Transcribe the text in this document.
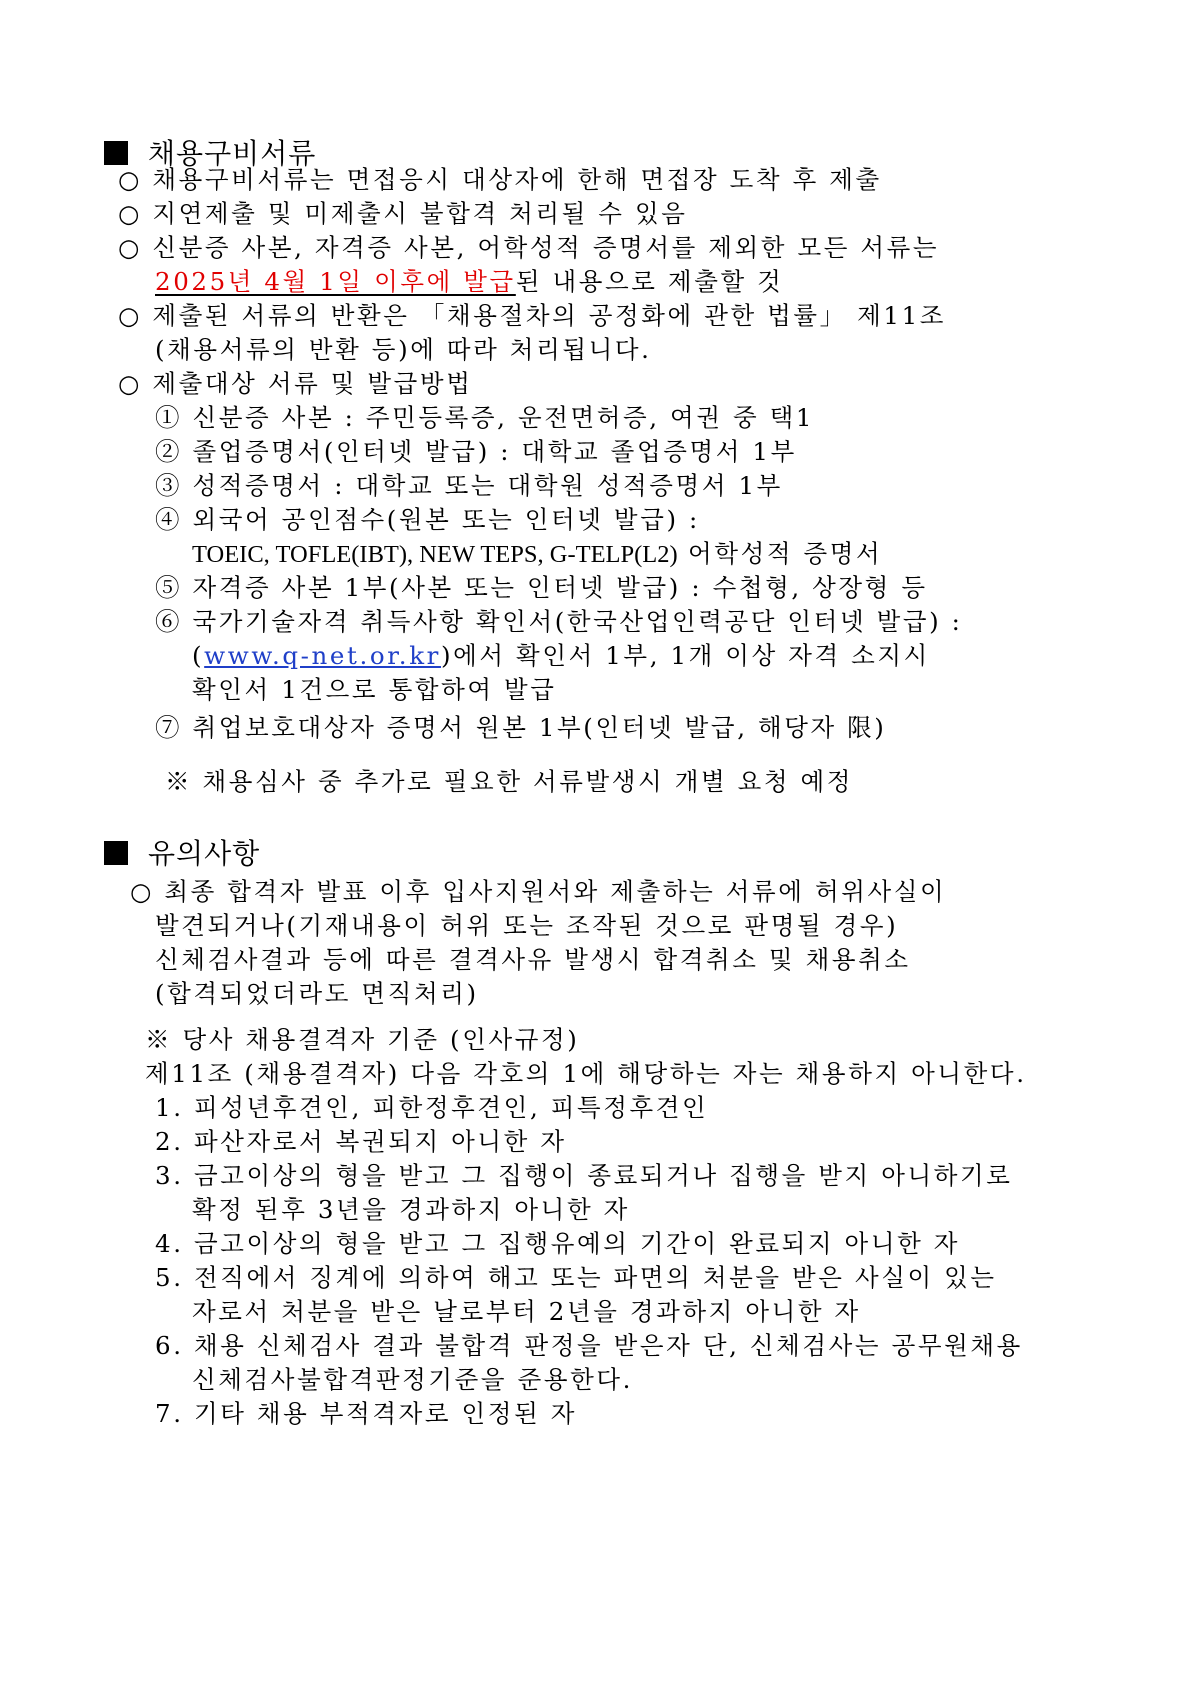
채용구비서류
○ 채용구비서류는 면접응시 대상자에 한해 면접장 도착 후 제출
○ 지연제출 및 미제출시 불합격 처리될 수 있음
○ 신분증 사본, 자격증 사본, 어학성적 증명서를 제외한 모든 서류는
2025년 4월 1일 이후에 발급된 내용으로 제출할 것
○ 제출된 서류의 반환은 「채용절차의 공정화에 관한 법률」 제11조
(채용서류의 반환 등)에 따라 처리됩니다.
○ 제출대상 서류 및 발급방법
① 신분증 사본 : 주민등록증, 운전면허증, 여권 중 택1
② 졸업증명서(인터넷 발급) : 대학교 졸업증명서 1부
③ 성적증명서 : 대학교 또는 대학원 성적증명서 1부
④ 외국어 공인점수(원본 또는 인터넷 발급) :
TOEIC, TOFLE(IBT), NEW TEPS, G-TELP(L2) 어학성적 증명서
⑤ 자격증 사본 1부(사본 또는 인터넷 발급) : 수첩형, 상장형 등
⑥ 국가기술자격 취득사항 확인서(한국산업인력공단 인터넷 발급) :
(www.q-net.or.kr)에서 확인서 1부, 1개 이상 자격 소지시
확인서 1건으로 통합하여 발급
⑦ 취업보호대상자 증명서 원본 1부(인터넷 발급, 해당자 限)
※ 채용심사 중 추가로 필요한 서류발생시 개별 요청 예정
유의사항
○ 최종 합격자 발표 이후 입사지원서와 제출하는 서류에 허위사실이
발견되거나(기재내용이 허위 또는 조작된 것으로 판명될 경우)
신체검사결과 등에 따른 결격사유 발생시 합격취소 및 채용취소
(합격되었더라도 면직처리)
※ 당사 채용결격자 기준 (인사규정)
제11조 (채용결격자) 다음 각호의 1에 해당하는 자는 채용하지 아니한다.
1. 피성년후견인, 피한정후견인, 피특정후견인
2. 파산자로서 복권되지 아니한 자
3. 금고이상의 형을 받고 그 집행이 종료되거나 집행을 받지 아니하기로
확정 된후 3년을 경과하지 아니한 자
4. 금고이상의 형을 받고 그 집행유예의 기간이 완료되지 아니한 자
5. 전직에서 징계에 의하여 해고 또는 파면의 처분을 받은 사실이 있는
자로서 처분을 받은 날로부터 2년을 경과하지 아니한 자
6. 채용 신체검사 결과 불합격 판정을 받은자 단, 신체검사는 공무원채용
신체검사불합격판정기준을 준용한다.
7. 기타 채용 부적격자로 인정된 자
